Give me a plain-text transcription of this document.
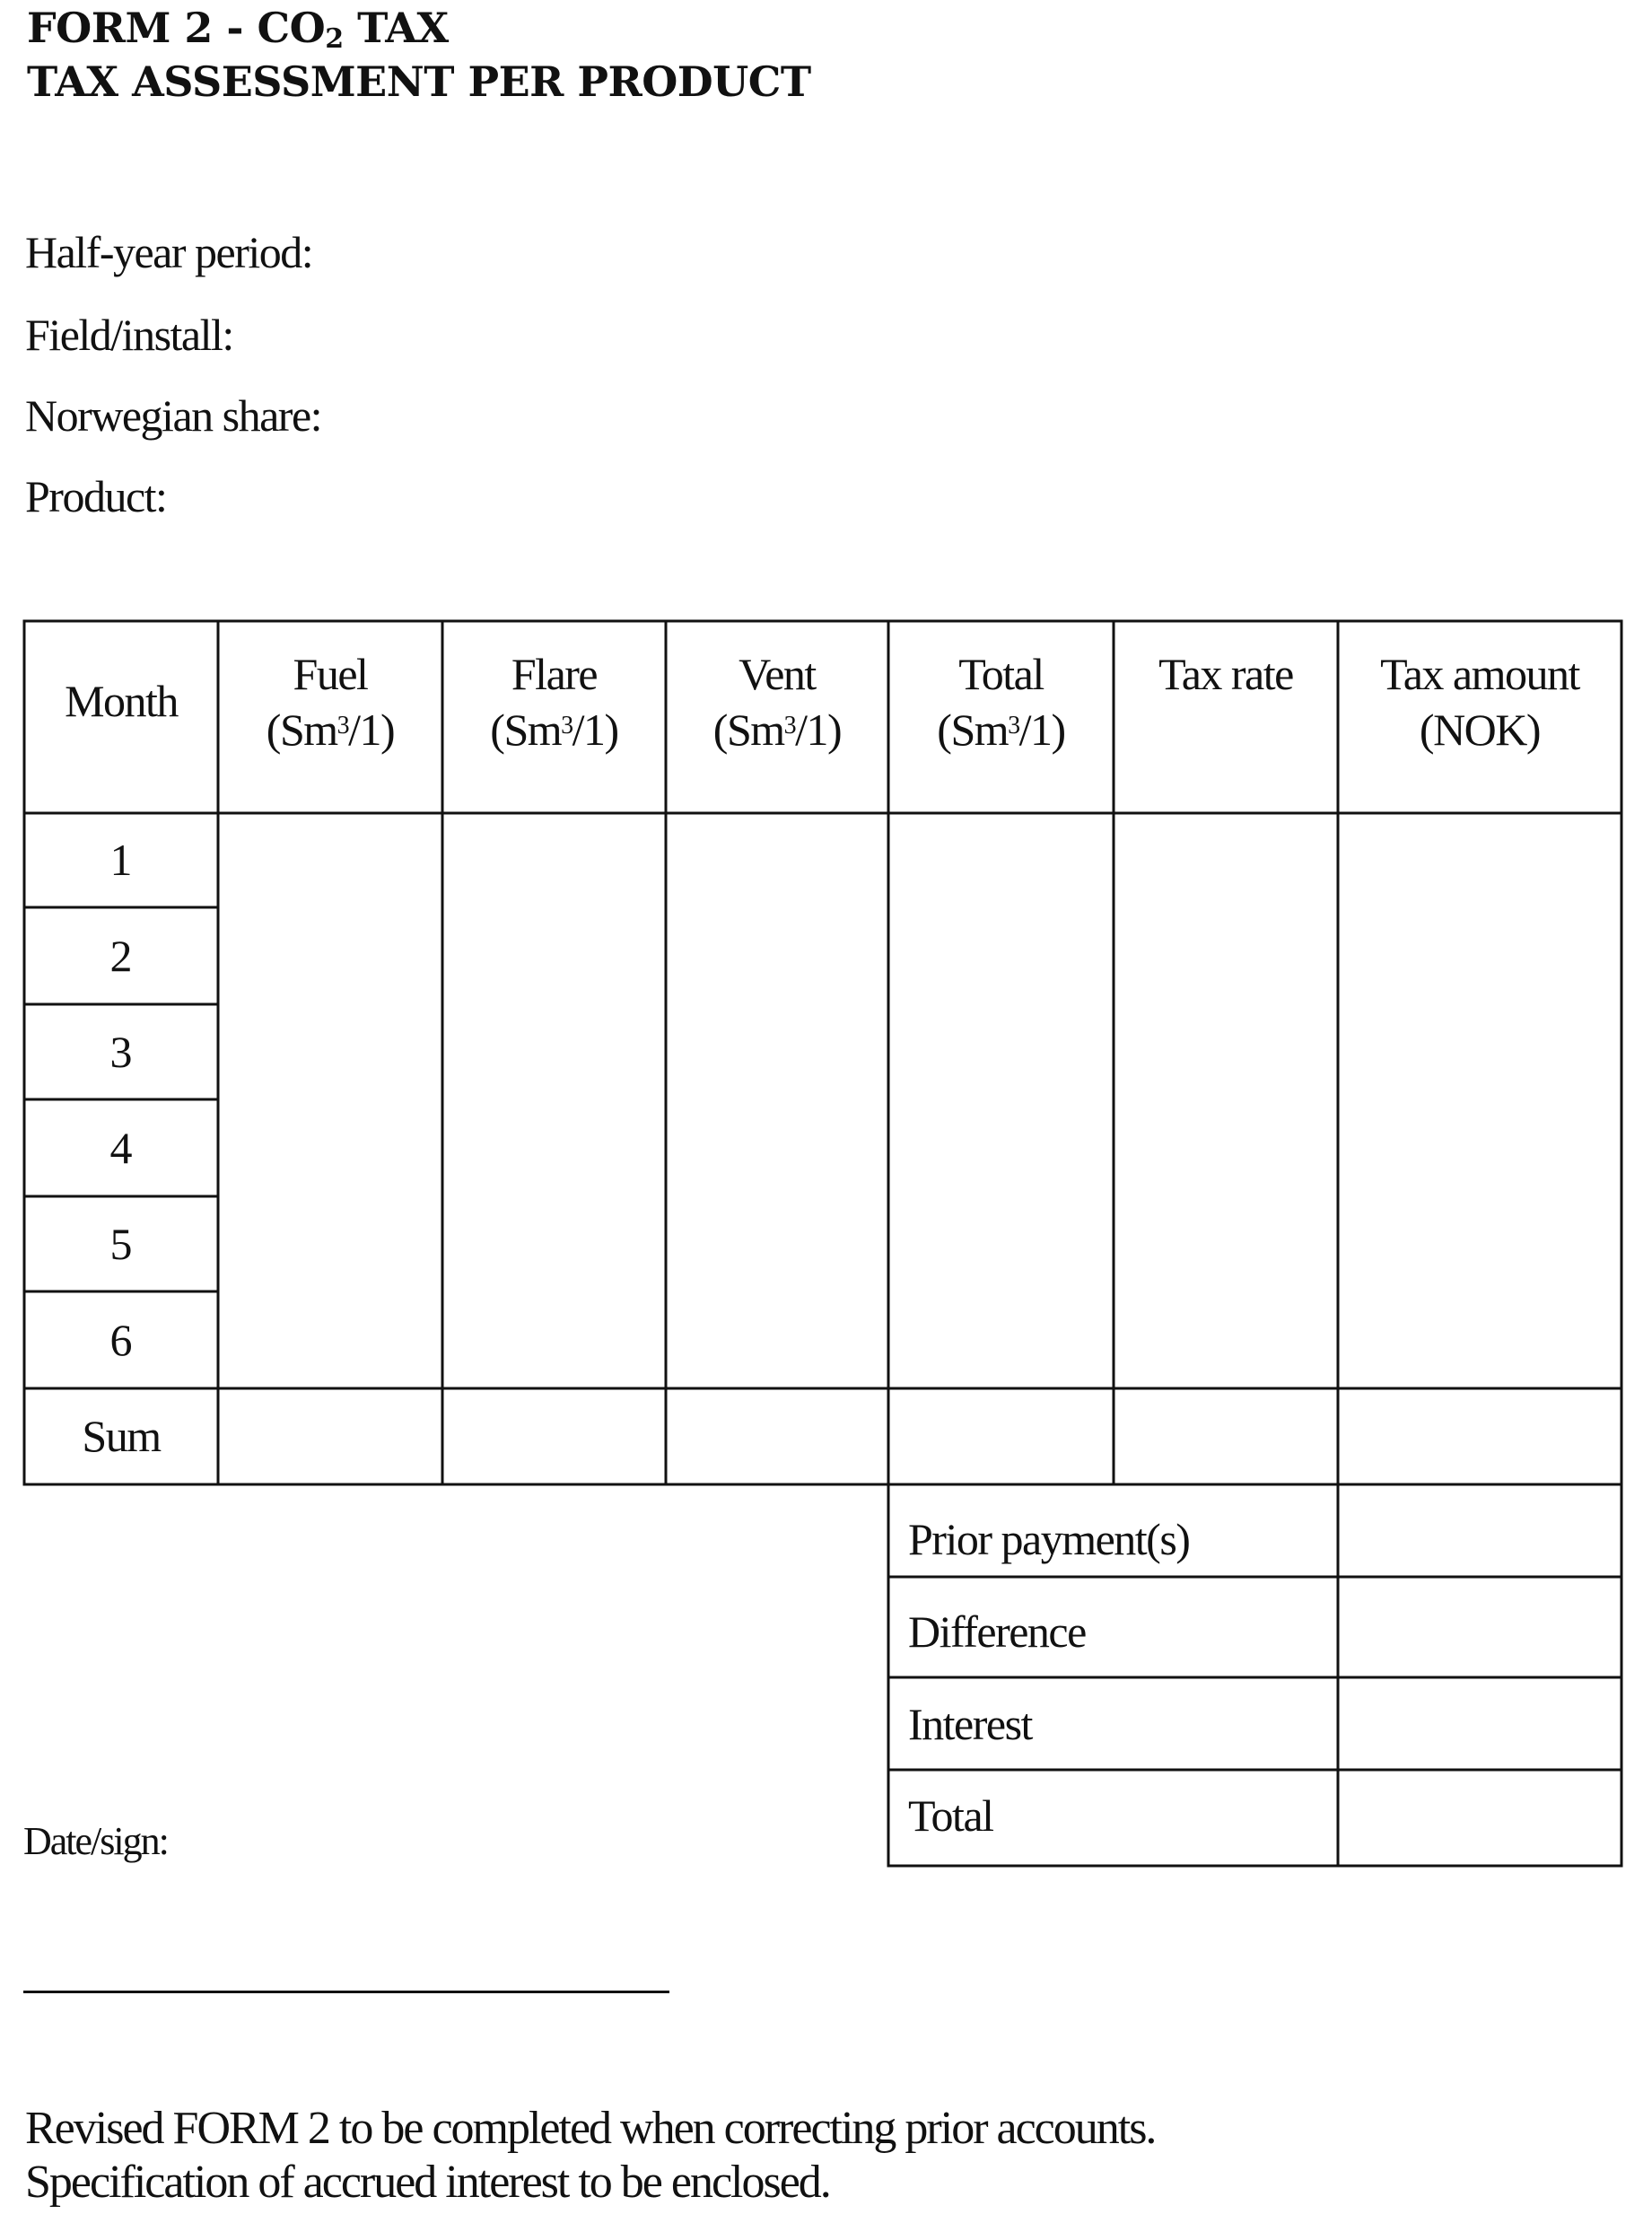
FORM $2 - CO_2$ TAX
TAX ASSESSMENT PER PRODUCT
Half-year period:
Field/install:
Norwegian share:
Product:
Month
Fuel
(Sm$^3$/1)
Flare
(Sm$^3$/1)
Vent
(Sm$^3$/1)
Total
(Sm$^3$/1)
Tax rate	Tax amount
(NOK)
1
2
3
4
5
6
Sum
Prior payment(s)
Difference
Interest
Total
Date/sign:
Revised FORM 2 to be completed when correcting prior accounts.
Specification of accrued interest to be enclosed.
